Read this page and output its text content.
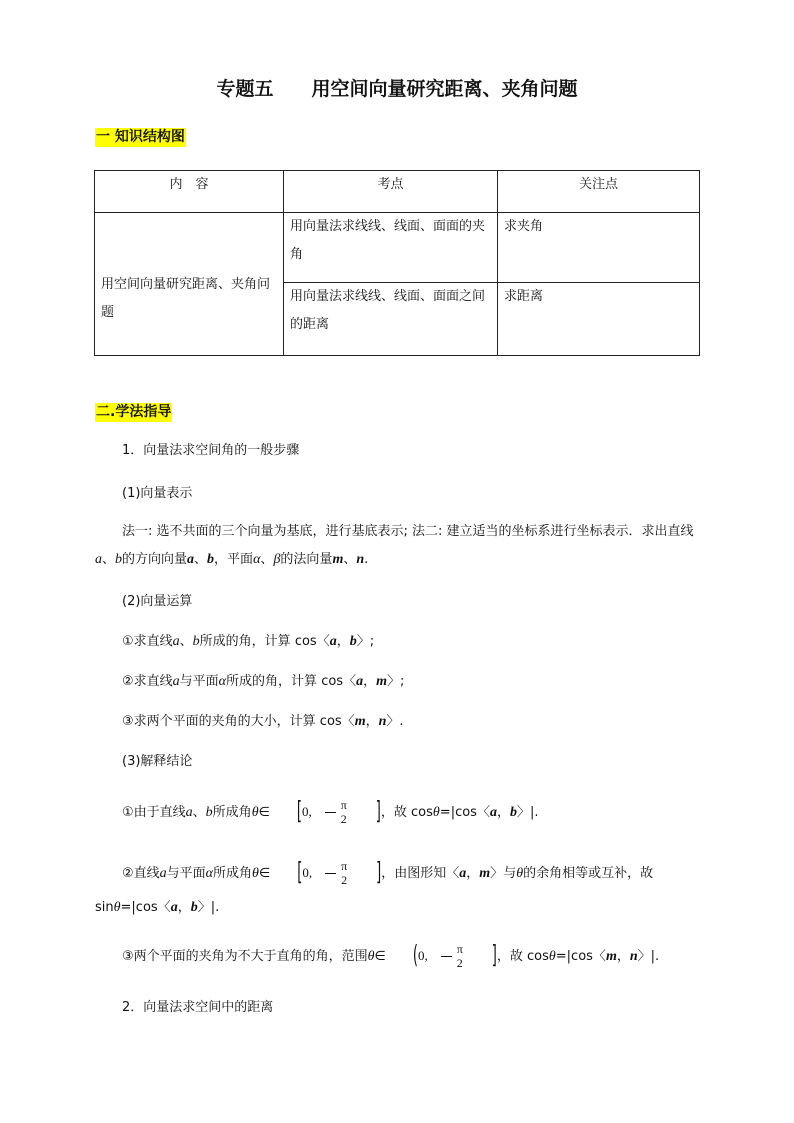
专题五        用空间向量研究距离、夹角问题
一 知识结构图
内　容	考点	关注点
用空间向量研究距离、夹角问题	用向量法求线线、线面、面面的夹角	求夹角
	用向量法求线线、线面、面面之间的距离	求距离
二.学法指导
1．向量法求空间角的一般步骤
(1)向量表示
法一: 选不共面的三个向量为基底，进行基底表示; 法二: 建立适当的坐标系进行坐标表示．求出直线a、b的方向向量a、b，平面α、β的法向量m、n.
(2)向量运算
①求直线a、b所成的角，计算 cos〈a，b〉;
②求直线a与平面α所成的角，计算 cos〈a，m〉;
③求两个平面的夹角的大小，计算 cos〈m，n〉.
(3)解释结论
①由于直线a、b所成角θ∈ [0, $\frac{\pi}{2}$ ]，故 cosθ=|cos〈a，b〉|.
②直线a与平面α所成角θ∈ [0, $\frac{\pi}{2}$ ]，由图形知〈a，m〉与θ的余角相等或互补，故sinθ=|cos〈a，b〉|.
③两个平面的夹角为不大于直角的角，范围θ∈ (0, $\frac{\pi}{2}$ ]，故 cosθ=|cos〈m，n〉|.
2．向量法求空间中的距离
